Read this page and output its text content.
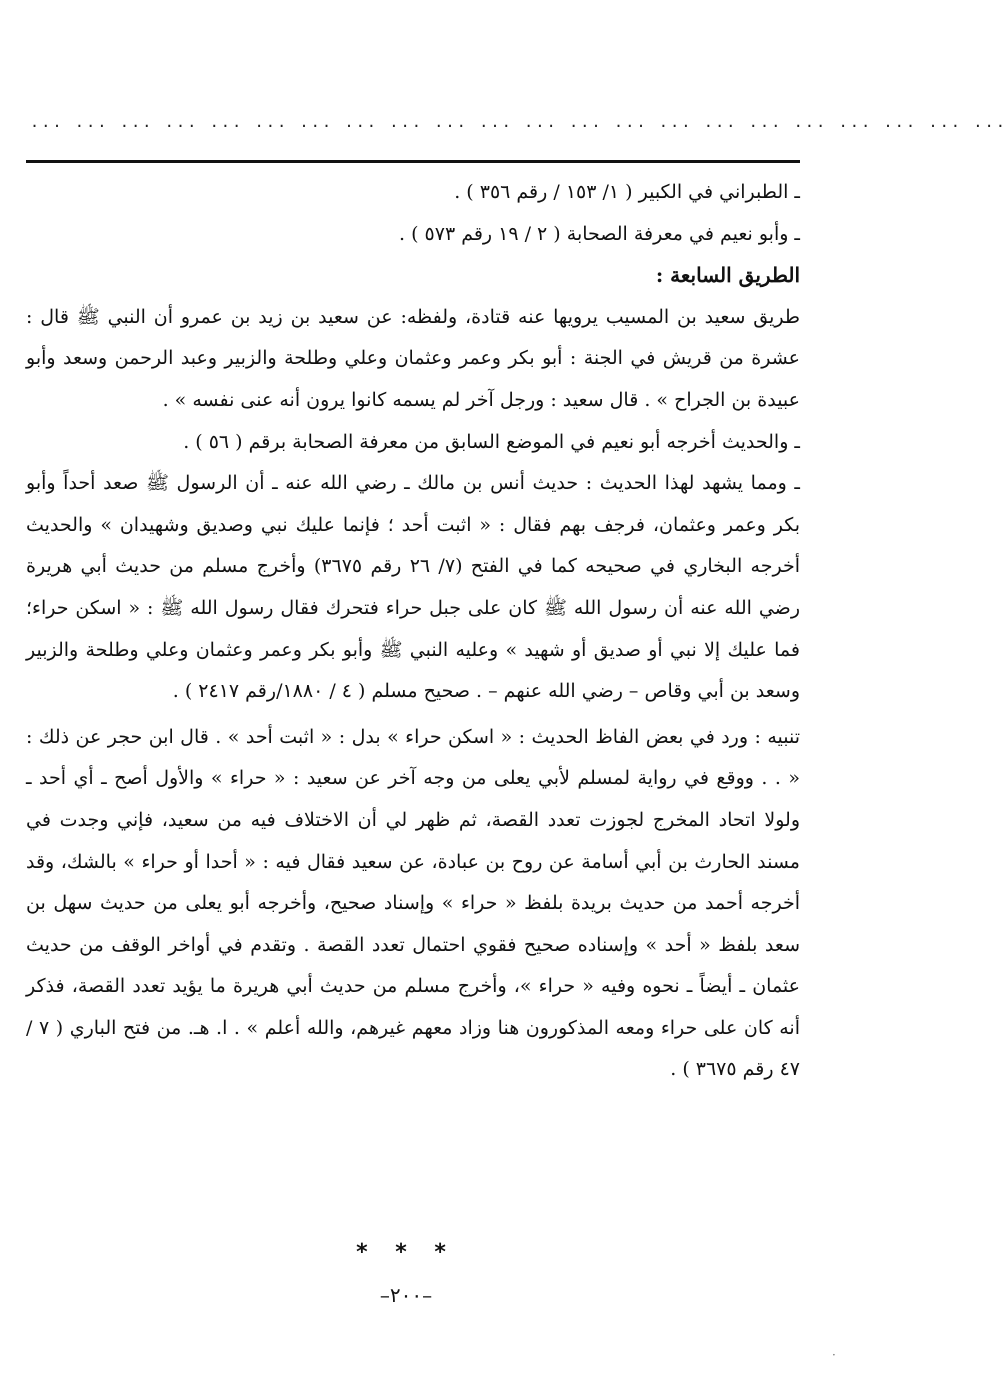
... ... ... ... ... ... ... ... ... ... ... ... ... ... ... ... ... ... ... ... ... ...

ـ الطبراني في الكبير ( ١/ ١٥٣ / رقم ٣٥٦ ) .

ـ وأبو نعيم في معرفة الصحابة ( ٢ / ١٩ رقم ٥٧٣ ) .

الطريق السابعة :

طريق سعيد بن المسيب يرويها عنه قتادة، ولفظه: عن سعيد بن زيد بن عمرو أن النبي ﷺ قال : عشرة من قريش في الجنة : أبو بكر وعمر وعثمان وعلي وطلحة والزبير وعبد الرحمن وسعد وأبو عبيدة بن الجراح » . قال سعيد : ورجل آخر لم يسمه كانوا يرون أنه عنى نفسه » .

ـ والحديث أخرجه أبو نعيم في الموضع السابق من معرفة الصحابة برقم ( ٥٦ ) .

ـ ومما يشهد لهذا الحديث : حديث أنس بن مالك ـ رضي الله عنه ـ أن الرسول ﷺ صعد أحداً وأبو بكر وعمر وعثمان، فرجف بهم فقال : « اثبت أحد ؛ فإنما عليك نبي وصديق وشهيدان » والحديث أخرجه البخاري في صحيحه كما في الفتح (٧/ ٢٦ رقم ٣٦٧٥) وأخرج مسلم من حديث أبي هريرة رضي الله عنه أن رسول الله ﷺ كان على جبل حراء فتحرك فقال رسول الله ﷺ : « اسكن حراء؛ فما عليك إلا نبي أو صديق أو شهيد » وعليه النبي ﷺ وأبو بكر وعمر وعثمان وعلي وطلحة والزبير وسعد بن أبي وقاص – رضي الله عنهم – . صحيح مسلم ( ٤ / ١٨٨٠/رقم ٢٤١٧ ) .

تنبيه : ورد في بعض الفاظ الحديث : « اسكن حراء » بدل : « اثبت أحد » . قال ابن حجر عن ذلك : « . . ووقع في رواية لمسلم لأبي يعلى من وجه آخر عن سعيد : « حراء » والأول أصح ـ أي أحد ـ ولولا اتحاد المخرج لجوزت تعدد القصة، ثم ظهر لي أن الاختلاف فيه من سعيد، فإني وجدت في مسند الحارث بن أبي أسامة عن روح بن عبادة، عن سعيد فقال فيه : « أحدا أو حراء » بالشك، وقد أخرجه أحمد من حديث بريدة بلفظ « حراء » وإسناد صحيح، وأخرجه أبو يعلى من حديث سهل بن سعد بلفظ « أحد » وإسناده صحيح فقوي احتمال تعدد القصة . وتقدم في أواخر الوقف من حديث عثمان ـ أيضاً ـ نحوه وفيه « حراء »، وأخرج مسلم من حديث أبي هريرة ما يؤيد تعدد القصة، فذكر أنه كان على حراء ومعه المذكورون هنا وزاد معهم غيرهم، والله أعلم » . ا. هـ. من فتح الباري ( ٧ / ٤٧ رقم ٣٦٧٥ ) .

* * *
–٢٠٠–
·
